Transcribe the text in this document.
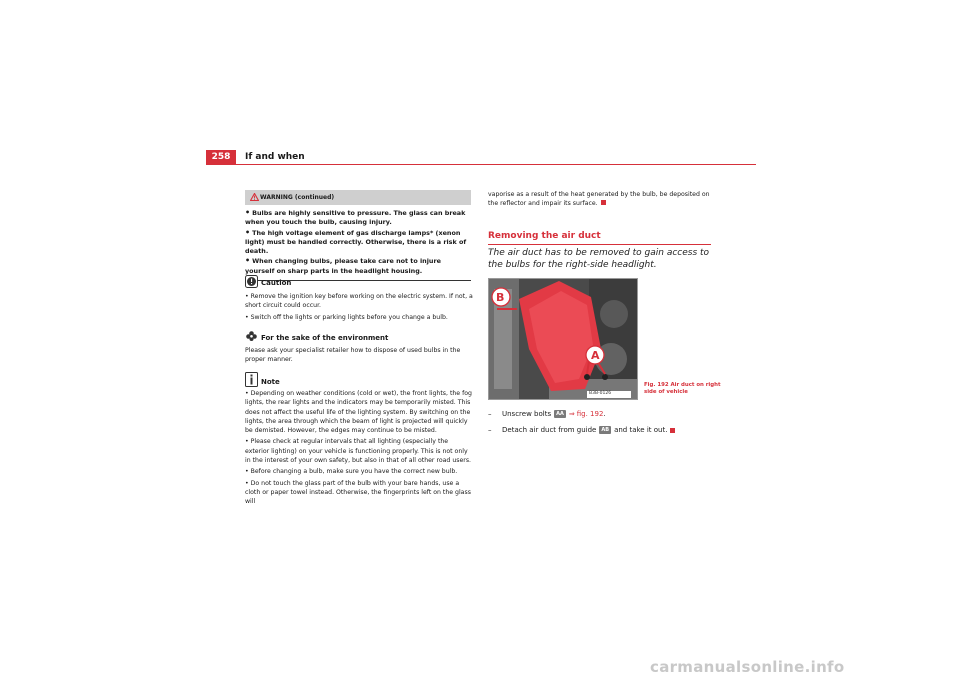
258	If and when
WARNING (continued)

• Bulbs are highly sensitive to pressure. The glass can break when you touch the bulb, causing injury.

• The high voltage element of gas discharge lamps* (xenon light) must be handled correctly. Otherwise, there is a risk of death.

• When changing bulbs, please take care not to injure yourself on sharp parts in the headlight housing.

Caution

• Remove the ignition key before working on the electric system. If not, a short circuit could occur.

• Switch off the lights or parking lights before you change a bulb.

For the sake of the environment

Please ask your specialist retailer how to dispose of used bulbs in the proper manner.

Note

• Depending on weather conditions (cold or wet), the front lights, the fog lights, the rear lights and the indicators may be temporarily misted. This does not affect the useful life of the lighting system. By switching on the lights, the area through which the beam of light is projected will quickly be demisted. However, the edges may continue to be misted.

• Please check at regular intervals that all lighting (especially the exterior lighting) on your vehicle is functioning properly. This is not only in the interest of your own safety, but also in that of all other road users.

• Before changing a bulb, make sure you have the correct new bulb.

• Do not touch the glass part of the bulb with your bare hands, use a cloth or paper towel instead. Otherwise, the fingerprints left on the glass will

vaporise as a result of the heat generated by the bulb, be deposited on the reflector and impair its surface.
Removing the air duct
The air duct has to be removed to gain access to the bulbs for the right-side headlight.
B
A
B3B-0126
Fig. 192 Air duct on right
side of vehicle
–	Unscrew bolts	AA ⇒ fig. 192 .
–	Detach air duct from guide	AB and take it out.
carmanualsonline.info
